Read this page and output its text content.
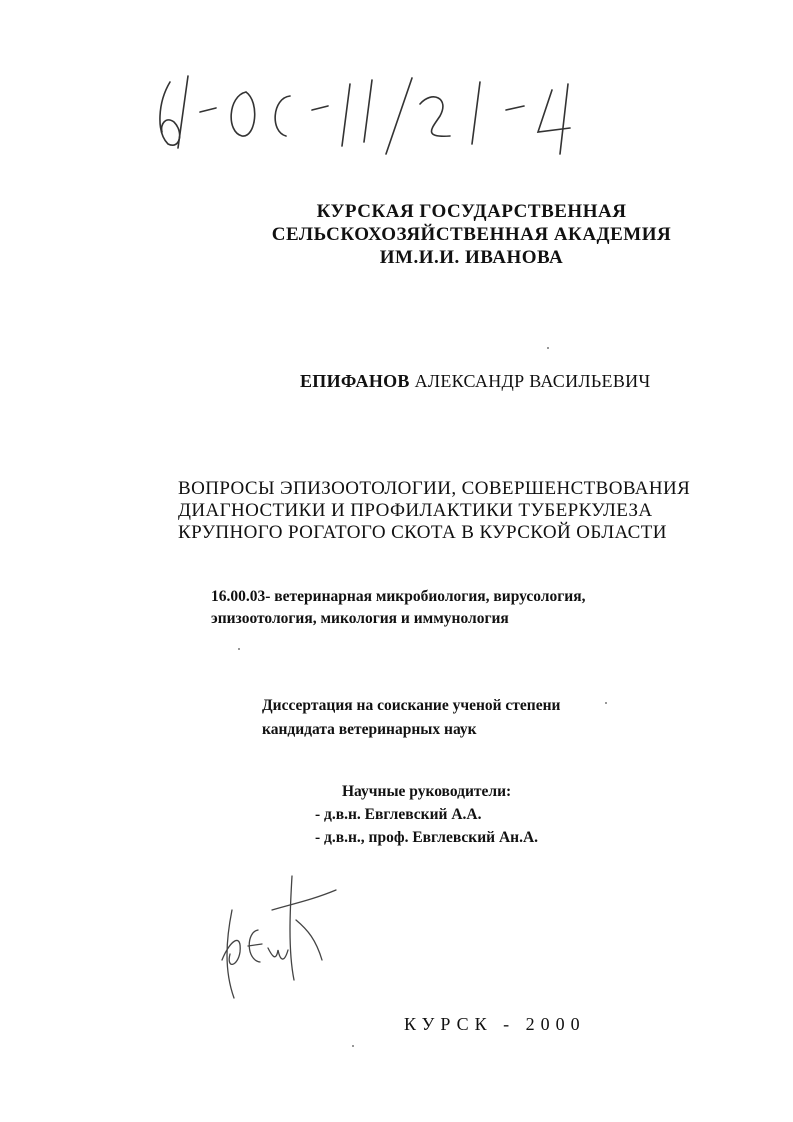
КУРСКАЯ ГОСУДАРСТВЕННАЯ
СЕЛЬСКОХОЗЯЙСТВЕННАЯ АКАДЕМИЯ
ИМ.И.И. ИВАНОВА
ЕПИФАНОВ АЛЕКСАНДР ВАСИЛЬЕВИЧ
ВОПРОСЫ ЭПИЗООТОЛОГИИ, СОВЕРШЕНСТВОВАНИЯ
ДИАГНОСТИКИ И ПРОФИЛАКТИКИ ТУБЕРКУЛЕЗА
КРУПНОГО РОГАТОГО СКОТА В КУРСКОЙ ОБЛАСТИ
16.00.03- ветеринарная микробиология, вирусология,
эпизоотология, микология и иммунология
Диссертация на соискание ученой степени
кандидата ветеринарных наук
Научные руководители:
- д.в.н. Евглевский А.А.
- д.в.н., проф. Евглевский Ан.А.
КУРСК - 2000
